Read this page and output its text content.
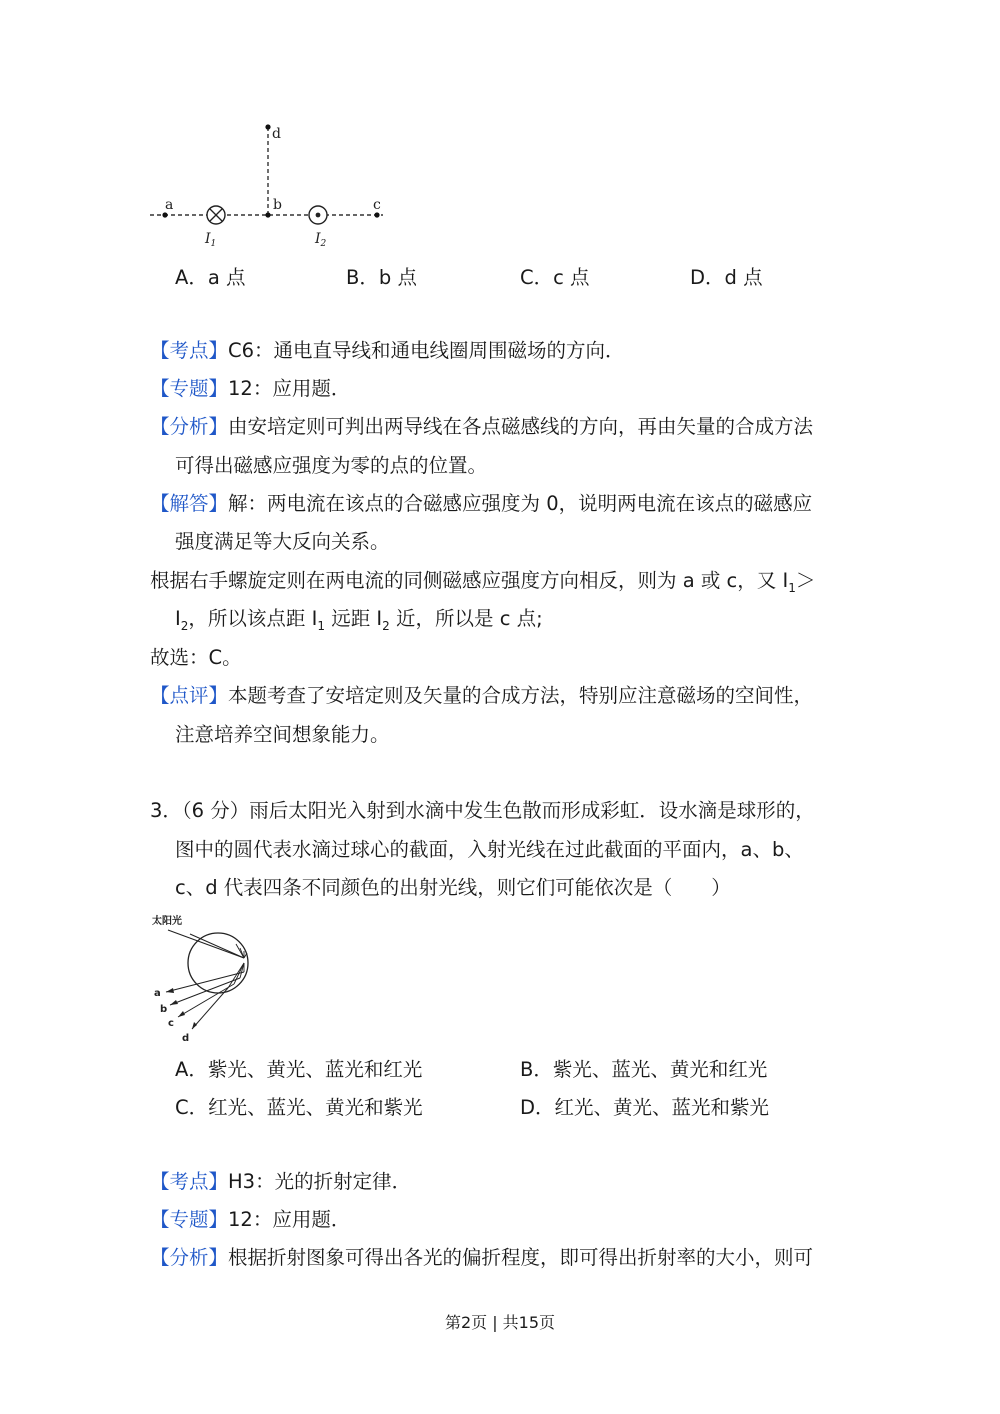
a	b	c
d
$I_1$	$I_2$
A．a 点	B．b 点	C．c 点	D．d 点
【考点】C6：通电直导线和通电线圈周围磁场的方向．
【专题】12：应用题．
【分析】由安培定则可判出两导线在各点磁感线的方向，再由矢量的合成方法
可得出磁感应强度为零的点的位置。
【解答】解：两电流在该点的合磁感应强度为 0，说明两电流在该点的磁感应
强度满足等大反向关系。
根据右手螺旋定则在两电流的同侧磁感应强度方向相反，则为 a 或 c，又 $I_1>$
$I_2$，所以该点距 $I_1$ 远距 $I_2$ 近，所以是 c 点;
故选：C。
【点评】本题考查了安培定则及矢量的合成方法，特别应注意磁场的空间性，
注意培养空间想象能力。
3．（6 分）雨后太阳光入射到水滴中发生色散而形成彩虹．设水滴是球形的，
图中的圆代表水滴过球心的截面，入射光线在过此截面的平面内，a、b、
c、d 代表四条不同颜色的出射光线，则它们可能依次是（　　）
太阳光
a
b
c
d
A．紫光、黄光、蓝光和红光	B．紫光、蓝光、黄光和红光
C．红光、蓝光、黄光和紫光	D．红光、黄光、蓝光和紫光
【考点】H3：光的折射定律．
【专题】12：应用题．
【分析】根据折射图象可得出各光的偏折程度，即可得出折射率的大小，则可
第2页 | 共15页
